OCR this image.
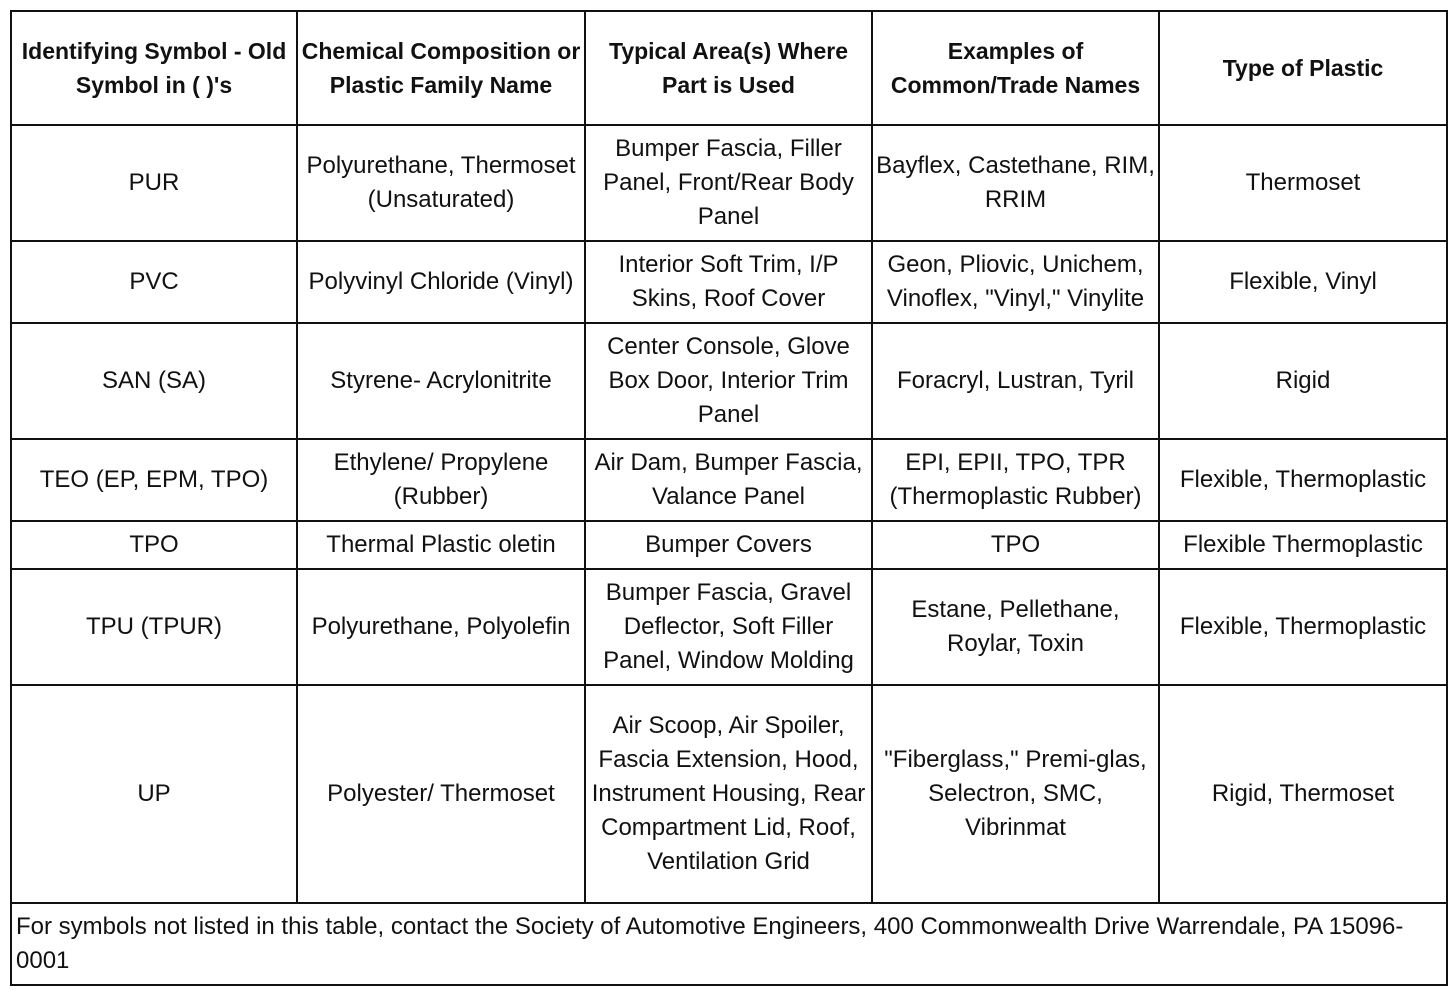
Identifying Symbol - Old Symbol in ( )'s	Chemical Composition or Plastic Family Name	Typical Area(s) Where Part is Used	Examples of Common/Trade Names	Type of Plastic
PUR	Polyurethane, Thermoset (Unsaturated)	Bumper Fascia, Filler Panel, Front/Rear Body Panel	Bayflex, Castethane, RIM, RRIM	Thermoset
PVC	Polyvinyl Chloride (Vinyl)	Interior Soft Trim, I/P Skins, Roof Cover	Geon, Pliovic, Unichem, Vinoflex, "Vinyl," Vinylite	Flexible, Vinyl
SAN (SA)	Styrene- Acrylonitrite	Center Console, Glove Box Door, Interior Trim Panel	Foracryl, Lustran, Tyril	Rigid
TEO (EP, EPM, TPO)	Ethylene/ Propylene (Rubber)	Air Dam, Bumper Fascia, Valance Panel	EPI, EPII, TPO, TPR (Thermoplastic Rubber)	Flexible, Thermoplastic
TPO	Thermal Plastic oletin	Bumper Covers	TPO	Flexible Thermoplastic
TPU (TPUR)	Polyurethane, Polyolefin	Bumper Fascia, Gravel Deflector, Soft Filler Panel, Window Molding	Estane, Pellethane, Roylar, Toxin	Flexible, Thermoplastic
UP	Polyester/ Thermoset	Air Scoop, Air Spoiler, Fascia Extension, Hood, Instrument Housing, Rear Compartment Lid, Roof, Ventilation Grid	"Fiberglass," Premi-glas, Selectron, SMC, Vibrinmat	Rigid, Thermoset
For symbols not listed in this table, contact the Society of Automotive Engineers, 400 Commonwealth Drive Warrendale, PA 15096-0001				
